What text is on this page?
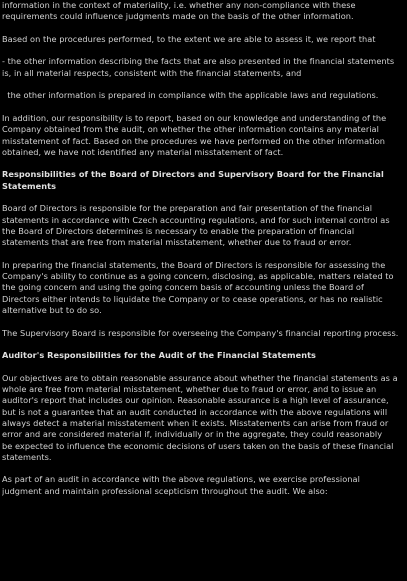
information in the context of materiality, i.e. whether any non-compliance with these
requirements could influence judgments made on the basis of the other information.
Based on the procedures performed, to the extent we are able to assess it, we report that
- the other information describing the facts that are also presented in the financial statements
is, in all material respects, consistent with the financial statements, and
the other information is prepared in compliance with the applicable laws and regulations.
In addition, our responsibility is to report, based on our knowledge and understanding of the
Company obtained from the audit, on whether the other information contains any material
misstatement of fact. Based on the procedures we have performed on the other information
obtained, we have not identified any material misstatement of fact.
Responsibilities of the Board of Directors and Supervisory Board for the Financial
Statements
Board of Directors is responsible for the preparation and fair presentation of the financial
statements in accordance with Czech accounting regulations, and for such internal control as
the Board of Directors determines is necessary to enable the preparation of financial
statements that are free from material misstatement, whether due to fraud or error.
In preparing the financial statements, the Board of Directors is responsible for assessing the
Company's ability to continue as a going concern, disclosing, as applicable, matters related to
the going concern and using the going concern basis of accounting unless the Board of
Directors either intends to liquidate the Company or to cease operations, or has no realistic
alternative but to do so.
The Supervisory Board is responsible for overseeing the Company's financial reporting process.
Auditor's Responsibilities for the Audit of the Financial Statements
Our objectives are to obtain reasonable assurance about whether the financial statements as a
whole are free from material misstatement, whether due to fraud or error, and to issue an
auditor's report that includes our opinion. Reasonable assurance is a high level of assurance,
but is not a guarantee that an audit conducted in accordance with the above regulations will
always detect a material misstatement when it exists. Misstatements can arise from fraud or
error and are considered material if, individually or in the aggregate, they could reasonably
be expected to influence the economic decisions of users taken on the basis of these financial
statements.
As part of an audit in accordance with the above regulations, we exercise professional
judgment and maintain professional scepticism throughout the audit. We also:
